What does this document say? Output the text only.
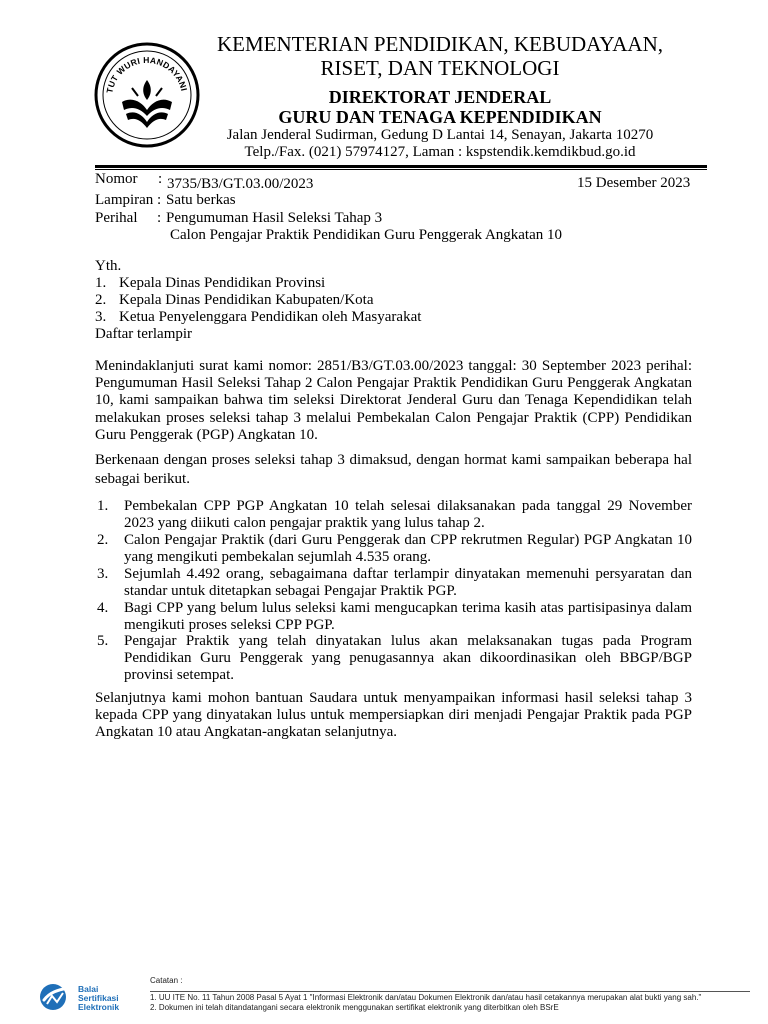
TUT WURI HANDAYANI
KEMENTERIAN PENDIDIKAN, KEBUDAYAAN,
RISET, DAN TEKNOLOGI
DIREKTORAT JENDERAL
GURU DAN TENAGA KEPENDIDIKAN
Jalan Jenderal Sudirman, Gedung D Lantai 14, Senayan, Jakarta 10270
Telp./Fax. (021) 57974127, Laman : kspstendik.kemdikbud.go.id
Nomor : 3735/B3/GT.03.00/2023	15 Desember 2023
Lampiran : Satu berkas
Perihal : Pengumuman Hasil Seleksi Tahap 3
Calon Pengajar Praktik Pendidikan Guru Penggerak Angkatan 10
Yth.
1. Kepala Dinas Pendidikan Provinsi
2. Kepala Dinas Pendidikan Kabupaten/Kota
3. Ketua Penyelenggara Pendidikan oleh Masyarakat
Daftar terlampir
Menindaklanjuti surat kami nomor: 2851/B3/GT.03.00/2023 tanggal: 30 September 2023 perihal: Pengumuman Hasil Seleksi Tahap 2 Calon Pengajar Praktik Pendidikan Guru Penggerak Angkatan 10, kami sampaikan bahwa tim seleksi Direktorat Jenderal Guru dan Tenaga Kependidikan telah melakukan proses seleksi tahap 3 melalui Pembekalan Calon Pengajar Praktik (CPP) Pendidikan Guru Penggerak (PGP) Angkatan 10.
Berkenaan dengan proses seleksi tahap 3 dimaksud, dengan hormat kami sampaikan beberapa hal sebagai berikut.
1. Pembekalan CPP PGP Angkatan 10 telah selesai dilaksanakan pada tanggal 29 November 2023 yang diikuti calon pengajar praktik yang lulus tahap 2.
2. Calon Pengajar Praktik (dari Guru Penggerak dan CPP rekrutmen Regular) PGP Angkatan 10 yang mengikuti pembekalan sejumlah 4.535 orang.
3. Sejumlah 4.492 orang, sebagaimana daftar terlampir dinyatakan memenuhi persyaratan dan standar untuk ditetapkan sebagai Pengajar Praktik PGP.
4. Bagi CPP yang belum lulus seleksi kami mengucapkan terima kasih atas partisipasinya dalam mengikuti proses seleksi CPP PGP.
5. Pengajar Praktik yang telah dinyatakan lulus akan melaksanakan tugas pada Program Pendidikan Guru Penggerak yang penugasannya akan dikoordinasikan oleh BBGP/BGP provinsi setempat.
Selanjutnya kami mohon bantuan Saudara untuk menyampaikan informasi hasil seleksi tahap 3 kepada CPP yang dinyatakan lulus untuk mempersiapkan diri menjadi Pengajar Praktik pada PGP Angkatan 10 atau Angkatan-angkatan selanjutnya.
Balai
Sertifikasi
Elektronik
Catatan :
1. UU ITE No. 11 Tahun 2008 Pasal 5 Ayat 1 "Informasi Elektronik dan/atau Dokumen Elektronik dan/atau hasil cetakannya merupakan alat bukti yang sah."
2. Dokumen ini telah ditandatangani secara elektronik menggunakan sertifikat elektronik yang diterbitkan oleh BSrE
